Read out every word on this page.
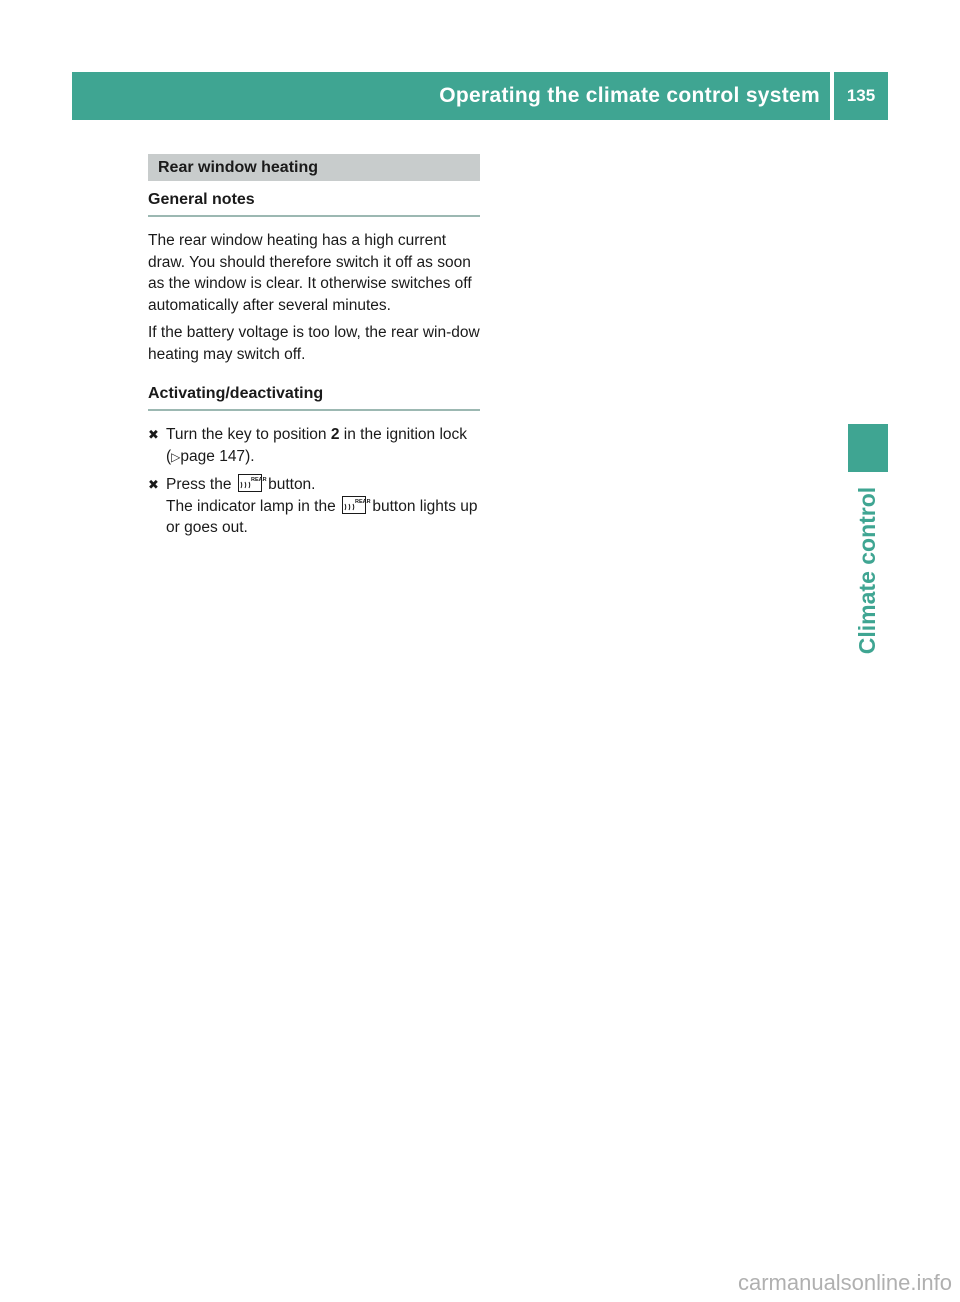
Operating the climate control system	135
Climate control
Rear window heating
General notes

The rear window heating has a high current draw. You should therefore switch it off as soon as the window is clear. It otherwise switches off automatically after several minutes.

If the battery voltage is too low, the rear win-dow heating may switch off.

Activating/deactivating
✖ Turn the key to position 2 in the ignition lock (▷page 147).
✖ Press the	REAR
button.
The indicator lamp in the	REAR
button lights up or goes out.
carmanualsonline.info
